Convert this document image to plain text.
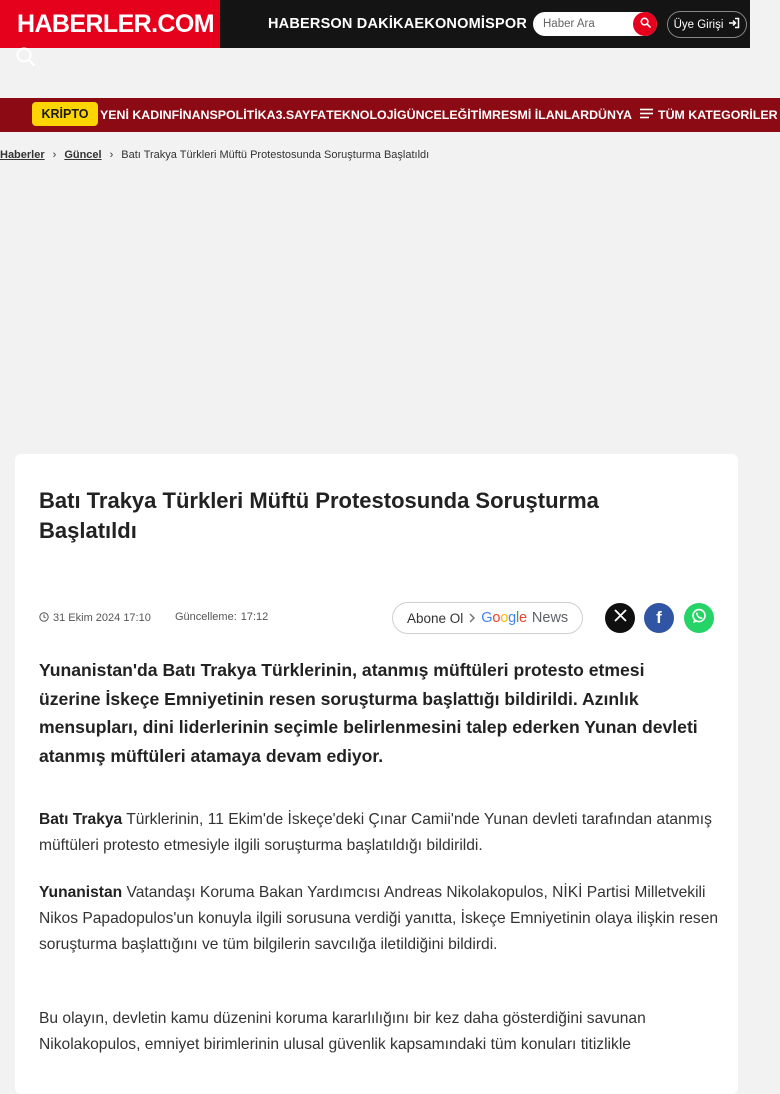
HABERLER.COM	HABER SON DAKİKA EKONOMİ SPOR
Haber Ara	Üye Girişi
KRİPTO YENİ KADIN FİNANS POLİTİKA 3.SAYFA TEKNOLOJİ GÜNCEL EĞİTİM RESMİ İLANLAR DÜNYA TÜM KATEGORİLER
Haberler › Güncel › Batı Trakya Türkleri Müftü Protestosunda Soruşturma Başlatıldı
Batı Trakya Türkleri Müftü Protestosunda Soruşturma Başlatıldı
31 Ekim 2024 17:10 Güncelleme: 17:12	Abone Ol Google News	f

Yunanistan'da Batı Trakya Türklerinin, atanmış müftüleri protesto etmesi üzerine İskeçe Emniyetinin resen soruşturma başlattığı bildirildi. Azınlık mensupları, dini liderlerinin seçimle belirlenmesini talep ederken Yunan devleti atanmış müftüleri atamaya devam ediyor.

Batı Trakya Türklerinin, 11 Ekim'de İskeçe'deki Çınar Camii'nde Yunan devleti tarafından atanmış müftüleri protesto etmesiyle ilgili soruşturma başlatıldığı bildirildi.

Yunanistan Vatandaşı Koruma Bakan Yardımcısı Andreas Nikolakopulos, NİKİ Partisi Milletvekili Nikos Papadopulos'un konuyla ilgili sorusuna verdiği yanıtta, İskeçe Emniyetinin olaya ilişkin resen soruşturma başlattığını ve tüm bilgilerin savcılığa iletildiğini bildirdi.

Bu olayın, devletin kamu düzenini koruma kararlılığını bir kez daha gösterdiğini savunan Nikolakopulos, emniyet birimlerinin ulusal güvenlik kapsamındaki tüm konuları titizlikle
